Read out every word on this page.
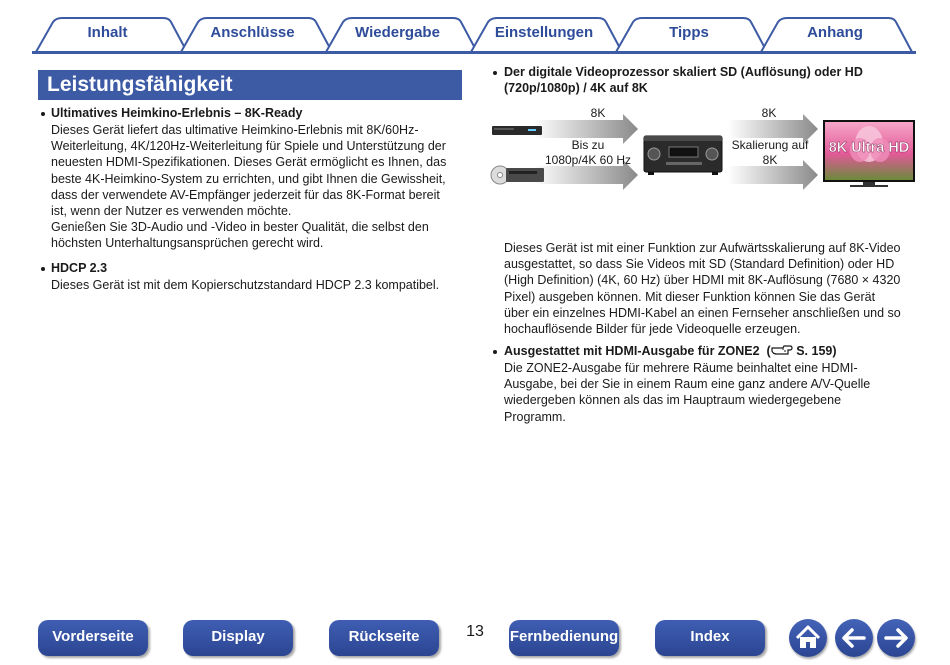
Inhalt	Anschlüsse	Wiedergabe	Einstellungen	Tipps	Anhang
Leistungsfähigkeit
Ultimatives Heimkino-Erlebnis – 8K-Ready
Dieses Gerät liefert das ultimative Heimkino-Erlebnis mit 8K/60Hz-
Weiterleitung, 4K/120Hz-Weiterleitung für Spiele und Unterstützung der
neuesten HDMI-Spezifikationen. Dieses Gerät ermöglicht es Ihnen, das
beste 4K-Heimkino-System zu errichten, und gibt Ihnen die Gewissheit,
dass der verwendete AV-Empfänger jederzeit für das 8K-Format bereit
ist, wenn der Nutzer es verwenden möchte.
Genießen Sie 3D-Audio und -Video in bester Qualität, die selbst den
höchsten Unterhaltungsansprüchen gerecht wird.
HDCP 2.3
Dieses Gerät ist mit dem Kopierschutzstandard HDCP 2.3 kompatibel.
Der digitale Videoprozessor skaliert SD (Auflösung) oder HD
(720p/1080p) / 4K auf 8K
8K Ultra HD
8K
Bis zu
1080p/4K 60 Hz
8K
Skalierung auf
8K
Dieses Gerät ist mit einer Funktion zur Aufwärtsskalierung auf 8K-Video
ausgestattet, so dass Sie Videos mit SD (Standard Definition) oder HD
(High Definition) (4K, 60 Hz) über HDMI mit 8K-Auflösung (7680 × 4320
Pixel) ausgeben können. Mit dieser Funktion können Sie das Gerät
über ein einzelnes HDMI-Kabel an einen Fernseher anschließen und so
hochauflösende Bilder für jede Videoquelle erzeugen.
Ausgestattet mit HDMI-Ausgabe für ZONE2  ( S. 159)
Die ZONE2-Ausgabe für mehrere Räume beinhaltet eine HDMI-
Ausgabe, bei der Sie in einem Raum eine ganz andere A/V-Quelle
wiedergeben können als das im Hauptraum wiedergegebene
Programm.
Vorderseite	Display	Rückseite	13	Fernbedienung	Index
